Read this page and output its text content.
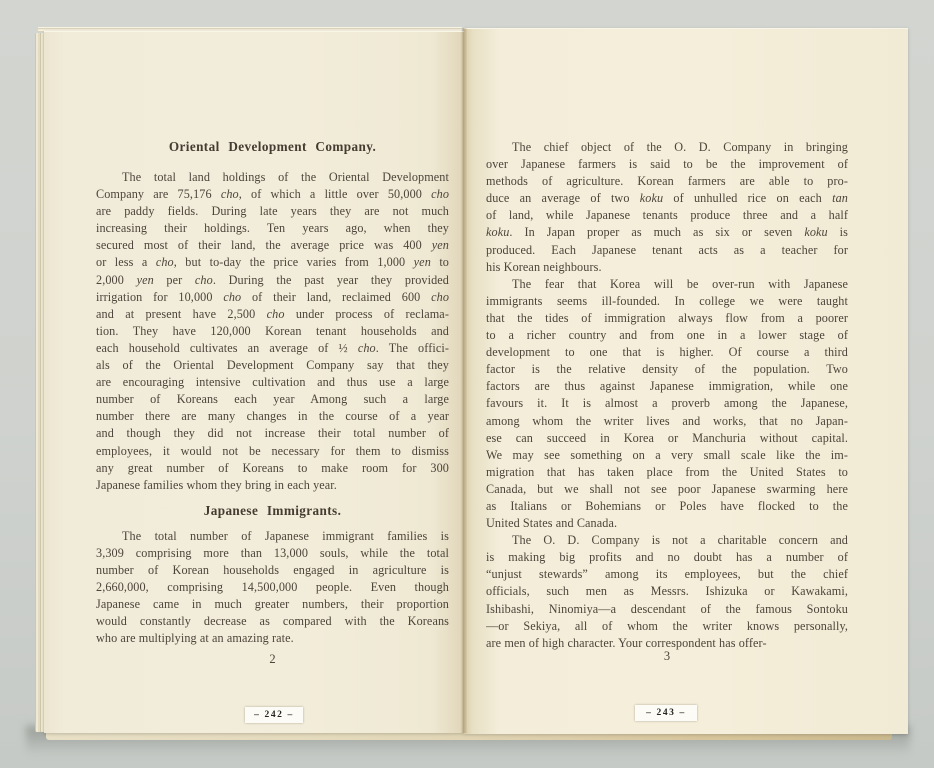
Oriental Development Company.
The total land holdings of the Oriental Development
Company are 75,176 cho, of which a little over 50,000 cho
are paddy fields. During late years they are not much
increasing their holdings. Ten years ago, when they
secured most of their land, the average price was 400 yen
or less a cho, but to-day the price varies from 1,000 yen to
2,000 yen per cho. During the past year they provided
irrigation for 10,000 cho of their land, reclaimed 600 cho
and at present have 2,500 cho under process of reclama-
tion. They have 120,000 Korean tenant households and
each household cultivates an average of ½ cho. The offici-
als of the Oriental Development Company say that they
are encouraging intensive cultivation and thus use a large
number of Koreans each year Among such a large
number there are many changes in the course of a year
and though they did not increase their total number of
employees, it would not be necessary for them to dismiss
any great number of Koreans to make room for 300
Japanese families whom they bring in each year.
Japanese Immigrants.
The total number of Japanese immigrant families is
3,309 comprising more than 13,000 souls, while the total
number of Korean households engaged in agriculture is
2,660,000, comprising 14,500,000 people. Even though
Japanese came in much greater numbers, their proportion
would constantly decrease as compared with the Koreans
who are multiplying at an amazing rate.
2
– 242 –
The chief object of the O. D. Company in bringing
over Japanese farmers is said to be the improvement of
methods of agriculture. Korean farmers are able to pro-
duce an average of two koku of unhulled rice on each tan
of land, while Japanese tenants produce three and a half
koku. In Japan proper as much as six or seven koku is
produced. Each Japanese tenant acts as a teacher for
his Korean neighbours.
The fear that Korea will be over-run with Japanese
immigrants seems ill-founded. In college we were taught
that the tides of immigration always flow from a poorer
to a richer country and from one in a lower stage of
development to one that is higher. Of course a third
factor is the relative density of the population. Two
factors are thus against Japanese immigration, while one
favours it. It is almost a proverb among the Japanese,
among whom the writer lives and works, that no Japan-
ese can succeed in Korea or Manchuria without capital.
We may see something on a very small scale like the im-
migration that has taken place from the United States to
Canada, but we shall not see poor Japanese swarming here
as Italians or Bohemians or Poles have flocked to the
United States and Canada.
The O. D. Company is not a charitable concern and
is making big profits and no doubt has a number of
“unjust stewards” among its employees, but the chief
officials, such men as Messrs. Ishizuka or Kawakami,
Ishibashi, Ninomiya—a descendant of the famous Sontoku
—or Sekiya, all of whom the writer knows personally,
are men of high character. Your correspondent has offer-
3
– 243 –
